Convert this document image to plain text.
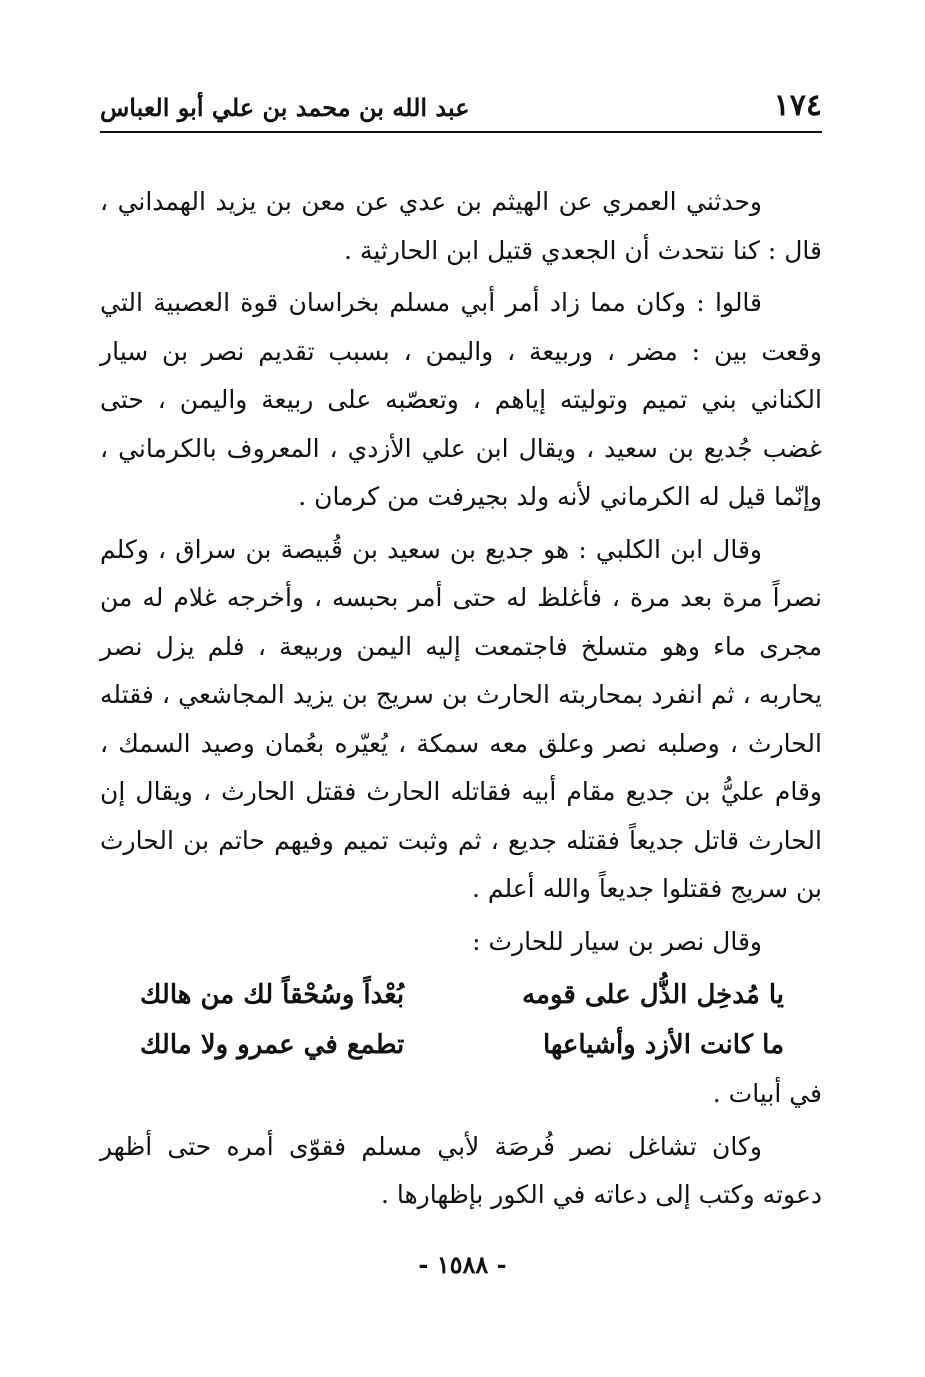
١٧٤
عبد الله بن محمد بن علي أبو العباس

وحدثني العمري عن الهيثم بن عدي عن معن بن يزيد الهمداني ، قال : كنا نتحدث أن الجعدي قتيل ابن الحارثية .

قالوا : وكان مما زاد أمر أبي مسلم بخراسان قوة العصبية التي وقعت بين : مضر ، وربيعة ، واليمن ، بسبب تقديم نصر بن سيار الكناني بني تميم وتوليته إياهم ، وتعصّبه على ربيعة واليمن ، حتى غضب جُديع بن سعيد ، ويقال ابن علي الأزدي ، المعروف بالكرماني ، وإنّما قيل له الكرماني لأنه ولد بجيرفت من كرمان .

وقال ابن الكلبي : هو جديع بن سعيد بن قُبيصة بن سراق ، وكلم نصراً مرة بعد مرة ، فأغلظ له حتى أمر بحبسه ، وأخرجه غلام له من مجرى ماء وهو متسلخ فاجتمعت إليه اليمن وربيعة ، فلم يزل نصر يحاربه ، ثم انفرد بمحاربته الحارث بن سريج بن يزيد المجاشعي ، فقتله الحارث ، وصلبه نصر وعلق معه سمكة ، يُعيّره بعُمان وصيد السمك ، وقام عليُّ بن جديع مقام أبيه فقاتله الحارث فقتل الحارث ، ويقال إن الحارث قاتل جديعاً فقتله جديع ، ثم وثبت تميم وفيهم حاتم بن الحارث بن سريج فقتلوا جديعاً والله أعلم .

وقال نصر بن سيار للحارث :

يا مُدخِل الذُّل على قومه
بُعْداً وسُحْقاً لك من هالك
ما كانت الأزد وأشياعها
تطمع في عمرو ولا مالك

في أبيات .

وكان تشاغل نصر فُرصَة لأبي مسلم فقوّى أمره حتى أظهر دعوته وكتب إلى دعاته في الكور بإظهارها .

- ١٥٨٨ -
